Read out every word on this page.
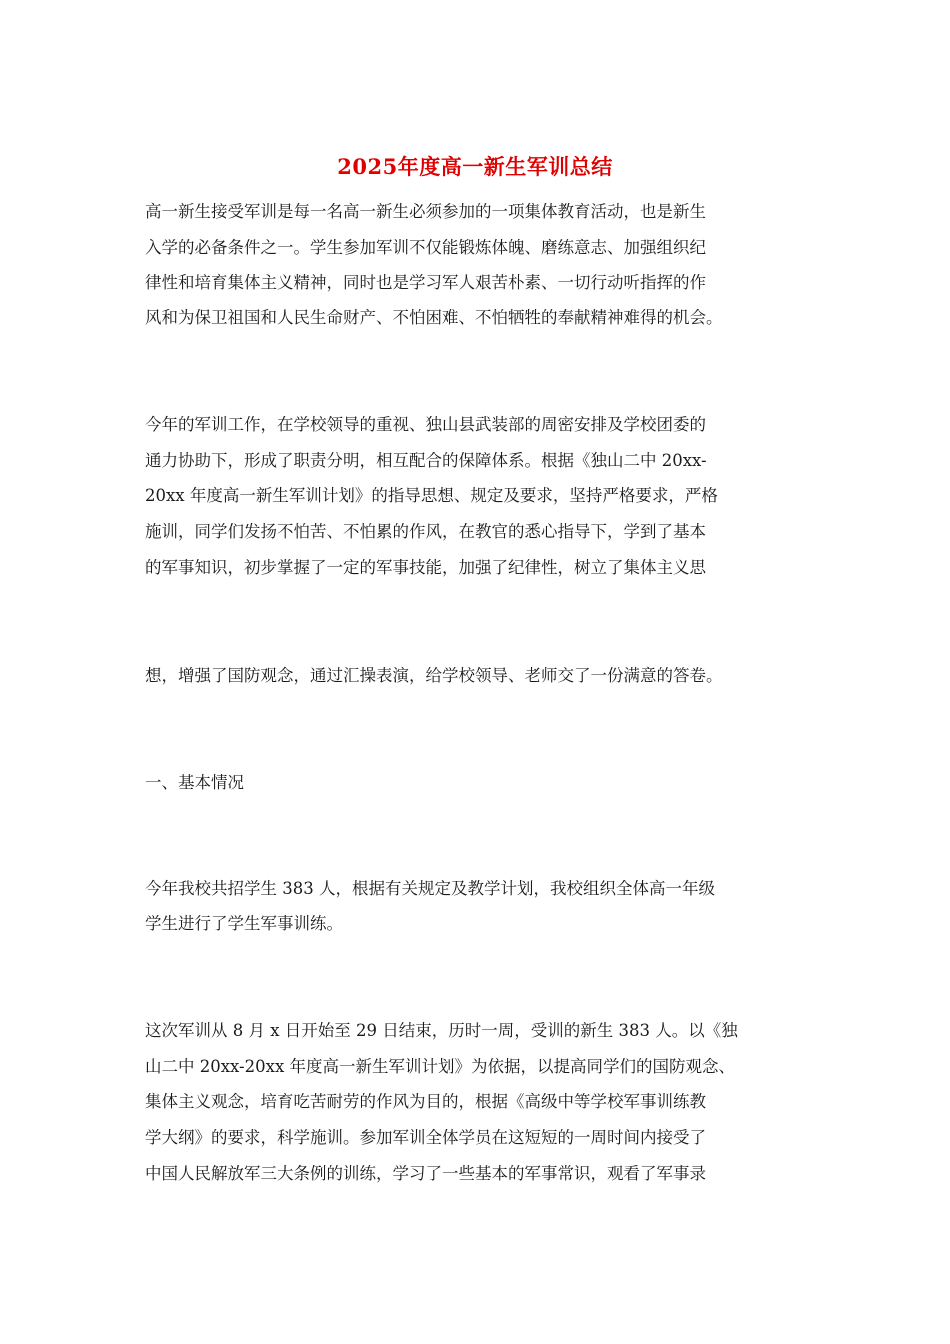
2025年度高一新生军训总结
高一新生接受军训是每一名高一新生必须参加的一项集体教育活动，也是新生
入学的必备条件之一。学生参加军训不仅能锻炼体魄、磨练意志、加强组织纪
律性和培育集体主义精神，同时也是学习军人艰苦朴素、一切行动听指挥的作
风和为保卫祖国和人民生命财产、不怕困难、不怕牺牲的奉献精神难得的机会。
今年的军训工作，在学校领导的重视、独山县武装部的周密安排及学校团委的
通力协助下，形成了职责分明，相互配合的保障体系。根据《独山二中 20xx-
20xx 年度高一新生军训计划》的指导思想、规定及要求，坚持严格要求，严格
施训，同学们发扬不怕苦、不怕累的作风，在教官的悉心指导下，学到了基本
的军事知识，初步掌握了一定的军事技能，加强了纪律性，树立了集体主义思
想，增强了国防观念，通过汇操表演，给学校领导、老师交了一份满意的答卷。
一、基本情况
今年我校共招学生 383 人，根据有关规定及教学计划，我校组织全体高一年级
学生进行了学生军事训练。
这次军训从 8 月 x 日开始至 29 日结束，历时一周，受训的新生 383 人。以《独
山二中 20xx-20xx 年度高一新生军训计划》为依据，以提高同学们的国防观念、
集体主义观念，培育吃苦耐劳的作风为目的，根据《高级中等学校军事训练教
学大纲》的要求，科学施训。参加军训全体学员在这短短的一周时间内接受了
中国人民解放军三大条例的训练，学习了一些基本的军事常识，观看了军事录
